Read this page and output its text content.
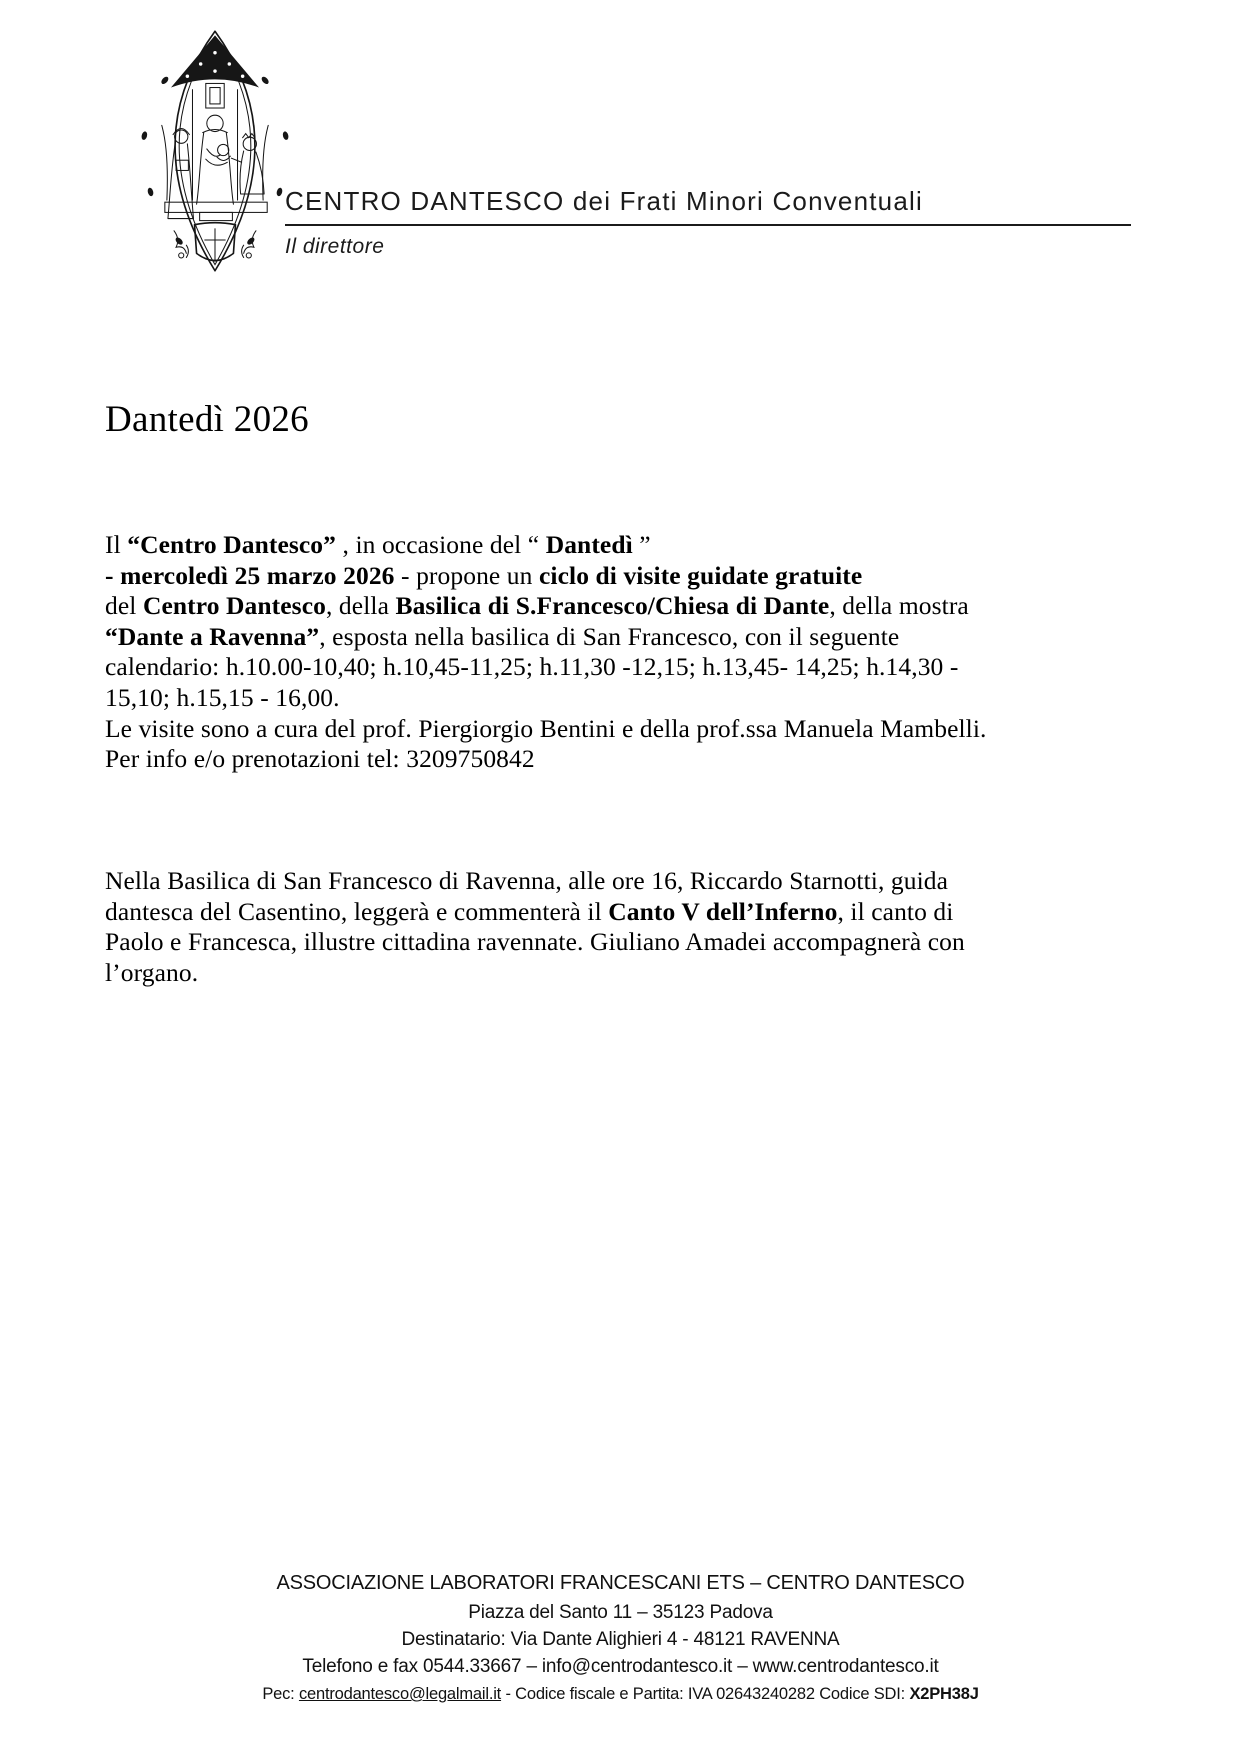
CENTRO DANTESCO dei Frati Minori Conventuali
Il direttore
Dantedì 2026

Il “Centro Dantesco” , in occasione del “ Dantedì ”
- mercoledì 25 marzo 2026 - propone un ciclo di visite guidate gratuite
del Centro Dantesco, della Basilica di S.Francesco/Chiesa di Dante, della mostra
“Dante a Ravenna”, esposta nella basilica di San Francesco, con il seguente
calendario: h.10.00-10,40; h.10,45-11,25; h.11,30 -12,15; h.13,45- 14,25; h.14,30 -
15,10; h.15,15 - 16,00.
Le visite sono a cura del prof. Piergiorgio Bentini e della prof.ssa Manuela Mambelli.
Per info e/o prenotazioni tel: 3209750842

Nella Basilica di San Francesco di Ravenna, alle ore 16, Riccardo Starnotti, guida
dantesca del Casentino, leggerà e commenterà il Canto V dell’Inferno, il canto di
Paolo e Francesca, illustre cittadina ravennate. Giuliano Amadei accompagnerà con
l’organo.

ASSOCIAZIONE LABORATORI FRANCESCANI ETS – CENTRO DANTESCO
Piazza del Santo 11 – 35123 Padova
Destinatario: Via Dante Alighieri 4 - 48121 RAVENNA
Telefono e fax 0544.33667 – info@centrodantesco.it – www.centrodantesco.it
Pec: centrodantesco@legalmail.it - Codice fiscale e Partita: IVA 02643240282 Codice SDI: X2PH38J
